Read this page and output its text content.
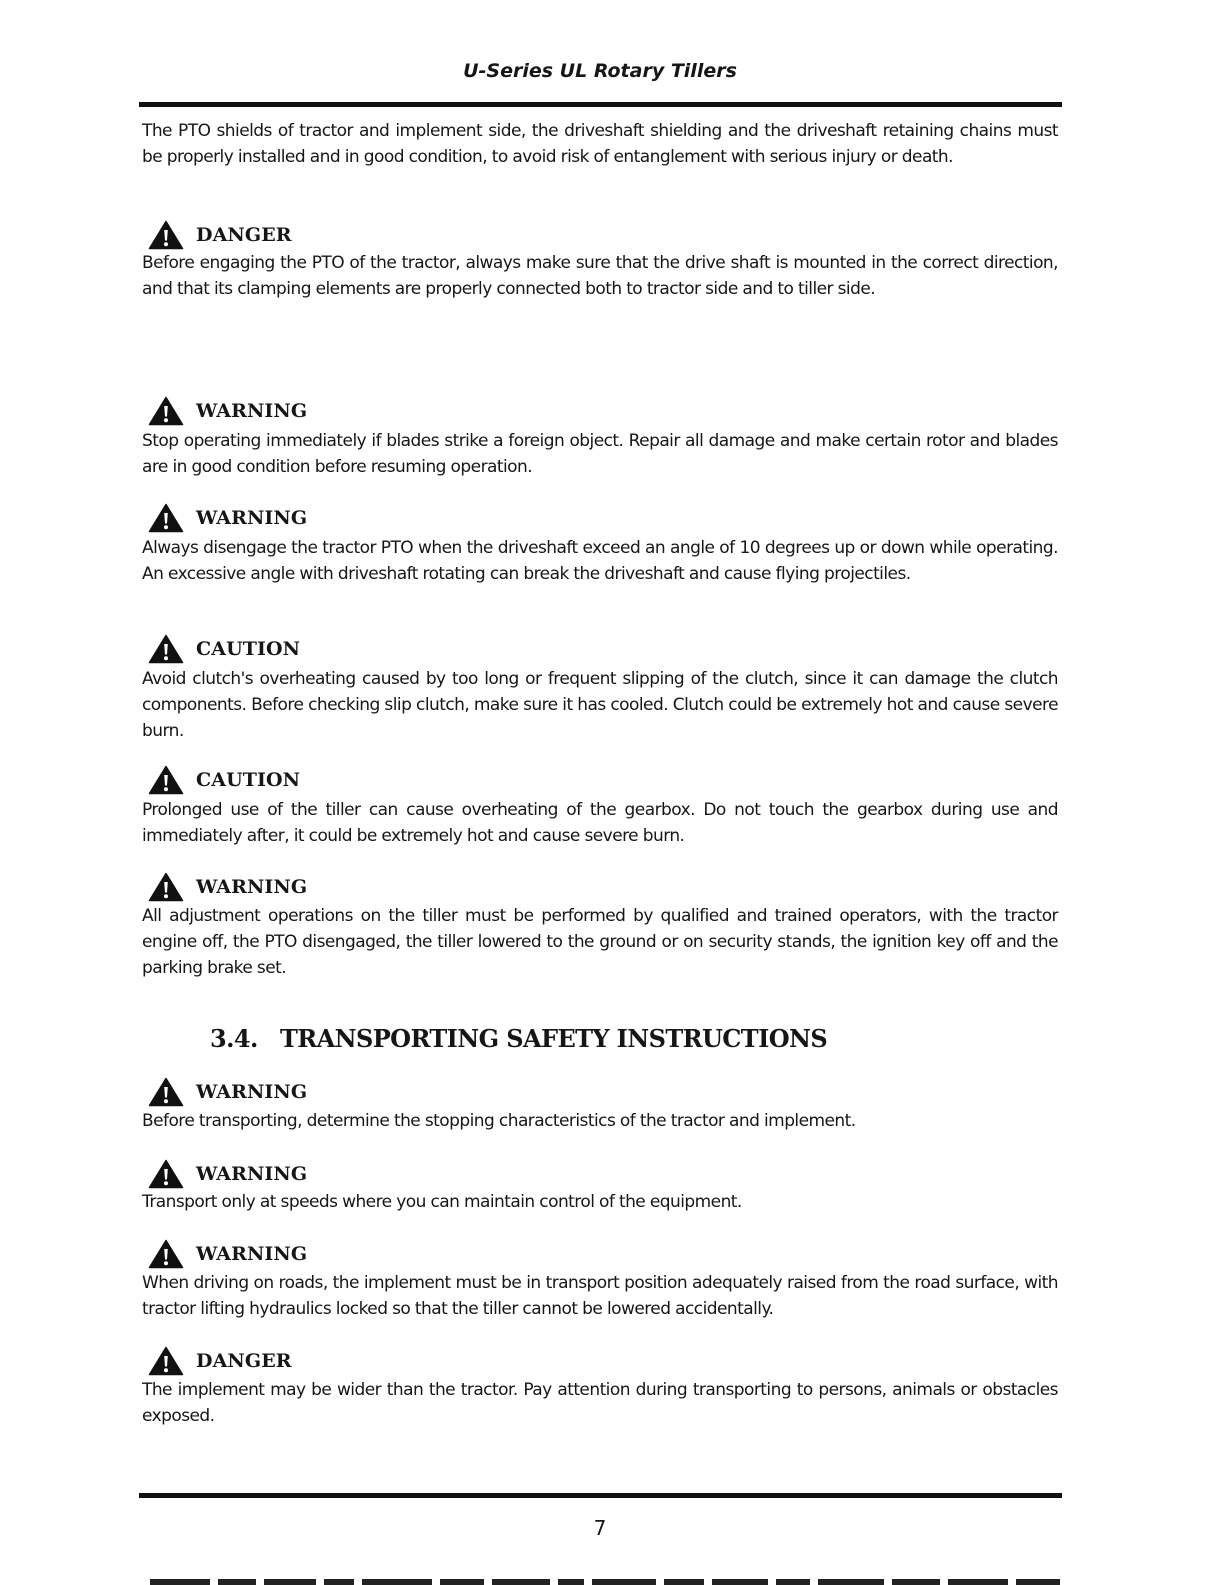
U-Series UL Rotary Tillers

The PTO shields of tractor and implement side, the driveshaft shielding and the driveshaft retaining chains must be properly installed and in good condition, to avoid risk of entanglement with serious injury or death.

DANGER

Before engaging the PTO of the tractor, always make sure that the drive shaft is mounted in the correct direction, and that its clamping elements are properly connected both to tractor side and to tiller side.

WARNING

Stop operating immediately if blades strike a foreign object. Repair all damage and make certain rotor and blades are in good condition before resuming operation.

WARNING

Always disengage the tractor PTO when the driveshaft exceed an angle of 10 degrees up or down while operating. An excessive angle with driveshaft rotating can break the driveshaft and cause flying projectiles.

CAUTION

Avoid clutch's overheating caused by too long or frequent slipping of the clutch, since it can damage the clutch components. Before checking slip clutch, make sure it has cooled. Clutch could be extremely hot and cause severe burn.

CAUTION

Prolonged use of the tiller can cause overheating of the gearbox. Do not touch the gearbox during use and immediately after, it could be extremely hot and cause severe burn.

WARNING

All adjustment operations on the tiller must be performed by qualified and trained operators, with the tractor engine off, the PTO disengaged, the tiller lowered to the ground or on security stands, the ignition key off and the parking brake set.

3.4. TRANSPORTING SAFETY INSTRUCTIONS
WARNING

Before transporting, determine the stopping characteristics of the tractor and implement.

WARNING

Transport only at speeds where you can maintain control of the equipment.

WARNING

When driving on roads, the implement must be in transport position adequately raised from the road surface, with tractor lifting hydraulics locked so that the tiller cannot be lowered accidentally.

DANGER

The implement may be wider than the tractor. Pay attention during transporting to persons, animals or obstacles exposed.

7
